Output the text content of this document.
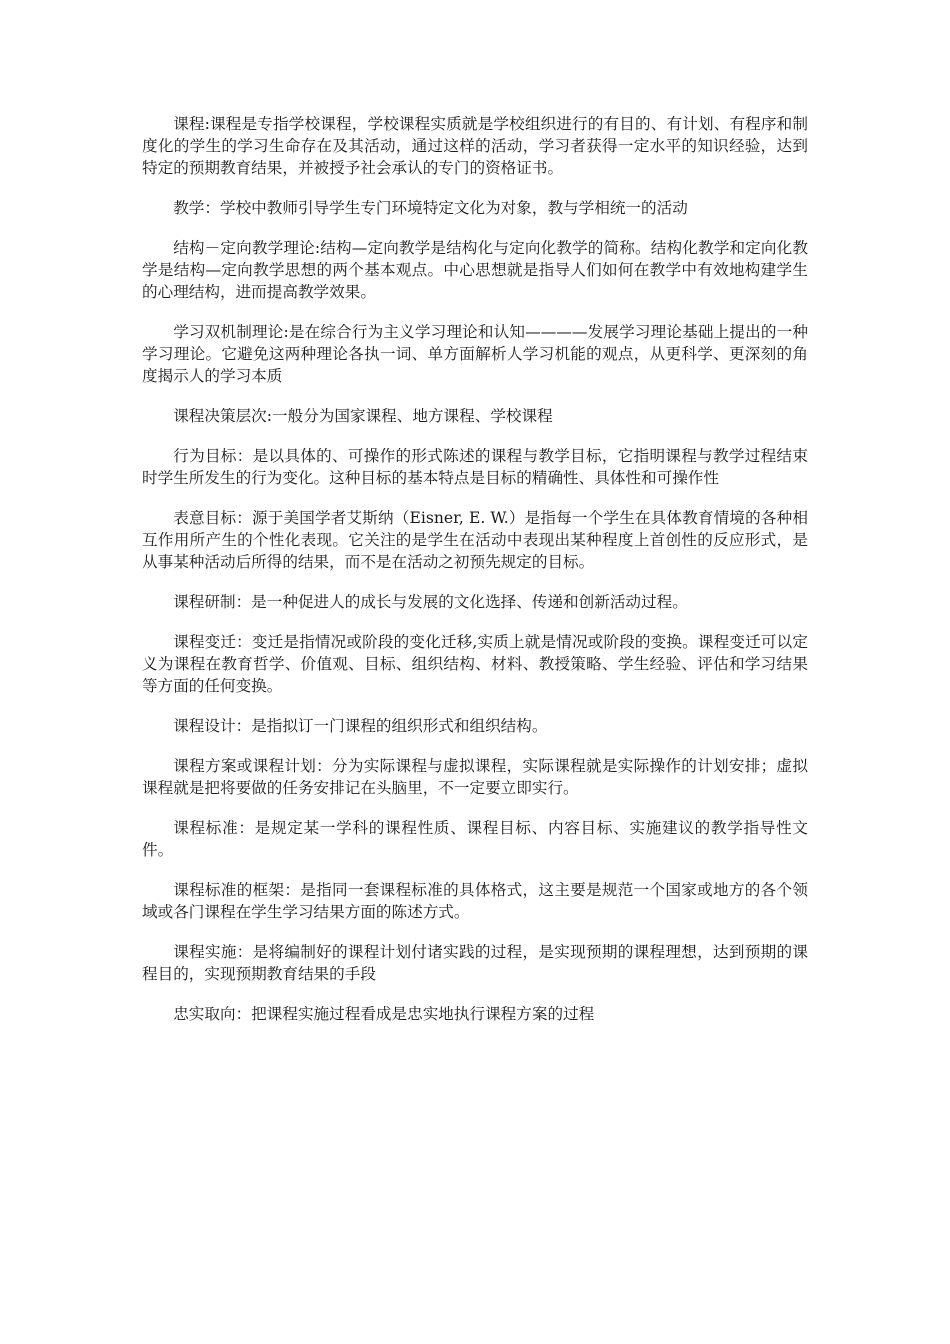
课程:课程是专指学校课程，学校课程实质就是学校组织进行的有目的、有计划、有程序和制度化的学生的学习生命存在及其活动，通过这样的活动，学习者获得一定水平的知识经验，达到特定的预期教育结果，并被授予社会承认的专门的资格证书。

教学：学校中教师引导学生专门环境特定文化为对象，教与学相统一的活动

结构－定向教学理论:结构—定向教学是结构化与定向化教学的简称。结构化教学和定向化教学是结构—定向教学思想的两个基本观点。中心思想就是指导人们如何在教学中有效地构建学生的心理结构，进而提高教学效果。

学习双机制理论:是在综合行为主义学习理论和认知————发展学习理论基础上提出的一种学习理论。它避免这两种理论各执一词、单方面解析人学习机能的观点，从更科学、更深刻的角度揭示人的学习本质

课程决策层次:一般分为国家课程、地方课程、学校课程

行为目标：是以具体的、可操作的形式陈述的课程与教学目标，它指明课程与教学过程结束时学生所发生的行为变化。这种目标的基本特点是目标的精确性、具体性和可操作性

表意目标：源于美国学者艾斯纳（Eisner, E. W.）是指每一个学生在具体教育情境的各种相互作用所产生的个性化表现。它关注的是学生在活动中表现出某种程度上首创性的反应形式，是从事某种活动后所得的结果，而不是在活动之初预先规定的目标。

课程研制：是一种促进人的成长与发展的文化选择、传递和创新活动过程。

课程变迁：变迁是指情况或阶段的变化迁移,实质上就是情况或阶段的变换。课程变迁可以定义为课程在教育哲学、价值观、目标、组织结构、材料、教授策略、学生经验、评估和学习结果等方面的任何变换。

课程设计：是指拟订一门课程的组织形式和组织结构。

课程方案或课程计划：分为实际课程与虚拟课程，实际课程就是实际操作的计划安排；虚拟课程就是把将要做的任务安排记在头脑里，不一定要立即实行。

课程标准：是规定某一学科的课程性质、课程目标、内容目标、实施建议的教学指导性文件。

课程标准的框架：是指同一套课程标准的具体格式，这主要是规范一个国家或地方的各个领域或各门课程在学生学习结果方面的陈述方式。

课程实施：是将编制好的课程计划付诸实践的过程，是实现预期的课程理想，达到预期的课程目的，实现预期教育结果的手段

忠实取向：把课程实施过程看成是忠实地执行课程方案的过程
